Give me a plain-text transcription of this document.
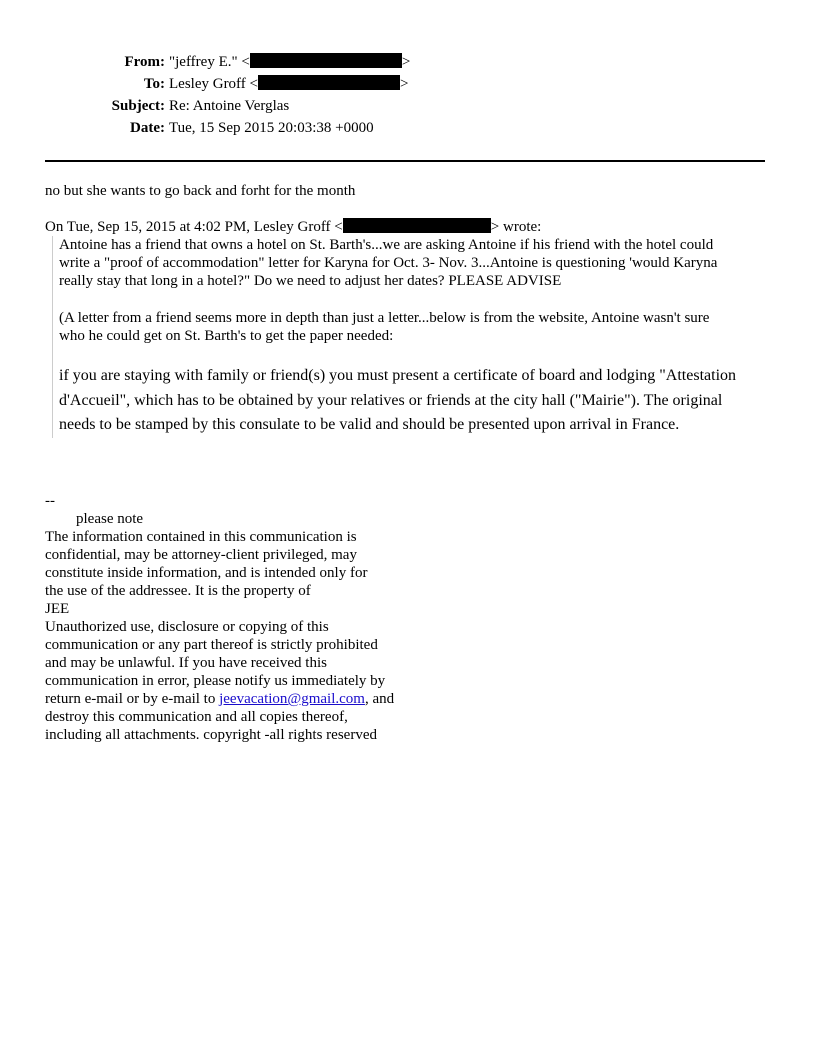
From: "jeffrey E." <	>
To: Lesley Groff <	>
Subject: Re: Antoine Verglas
Date: Tue, 15 Sep 2015 20:03:38 +0000
no but she wants to go back and forht for the month
On Tue, Sep 15, 2015 at 4:02 PM, Lesley Groff <	> wrote:
Antoine has a friend that owns a hotel on St. Barth's...we are asking Antoine if his friend with the hotel could
write a "proof of accommodation" letter for Karyna for Oct. 3- Nov. 3...Antoine is questioning 'would Karyna
really stay that long in a hotel?" Do we need to adjust her dates? PLEASE ADVISE
(A letter from a friend seems more in depth than just a letter...below is from the website, Antoine wasn't sure
who he could get on St. Barth's to get the paper needed:
if you are staying with family or friend(s) you must present a certificate of board and lodging "Attestation
d'Accueil", which has to be obtained by your relatives or friends at the city hall ("Mairie"). The original
needs to be stamped by this consulate to be valid and should be presented upon arrival in France.
--
please note
The information contained in this communication is
confidential, may be attorney-client privileged, may
constitute inside information, and is intended only for
the use of the addressee. It is the property of
JEE
Unauthorized use, disclosure or copying of this
communication or any part thereof is strictly prohibited
and may be unlawful. If you have received this
communication in error, please notify us immediately by
return e-mail or by e-mail to jeevacation@gmail.com, and
destroy this communication and all copies thereof,
including all attachments. copyright -all rights reserved
